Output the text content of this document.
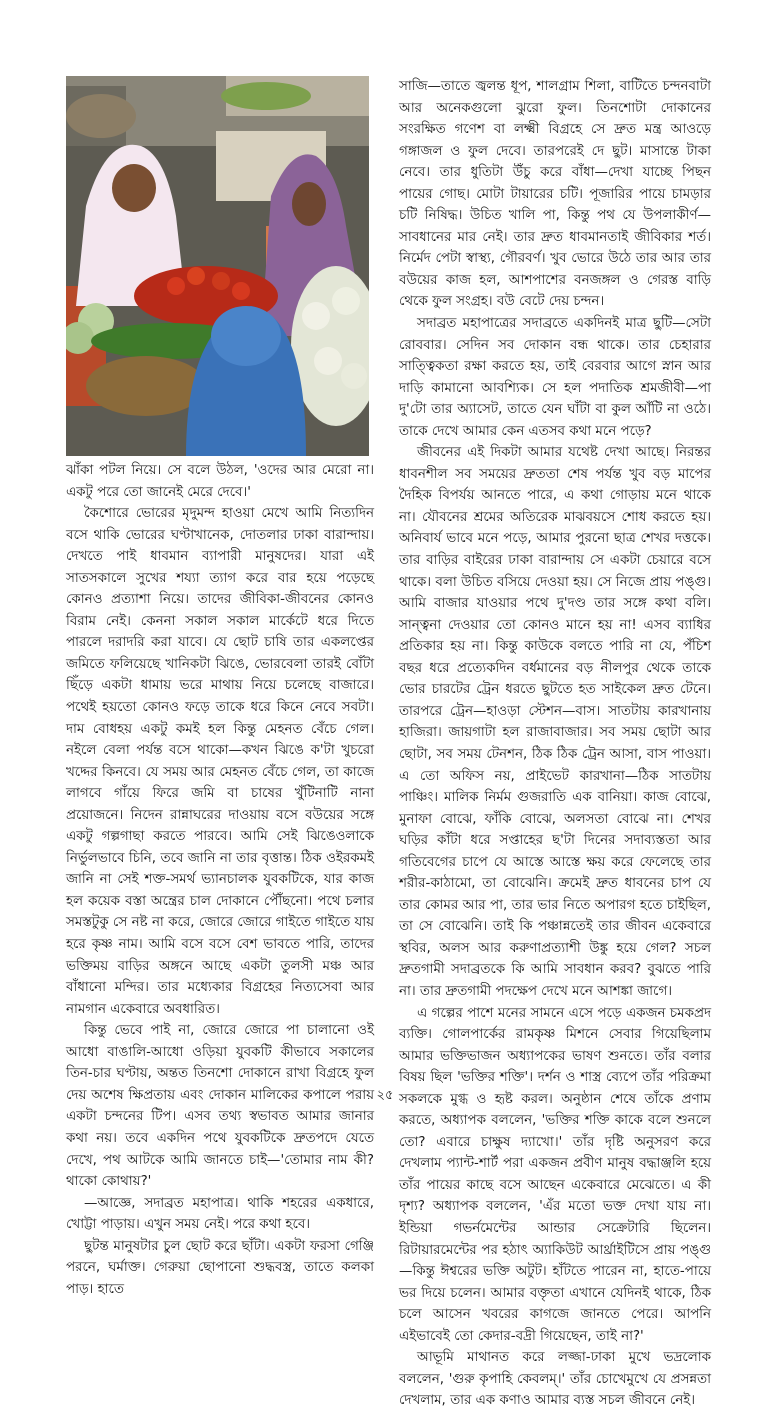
ঝাঁকা পটল নিয়ে। সে বলে উঠল, 'ওদের আর মেরো না। একটু পরে তো জানেই মেরে দেবে।'

কৈশোরে ভোরের মৃদুমন্দ হাওয়া মেখে আমি নিত্যদিন বসে থাকি ভোরের ঘণ্টাখানেক, দোতলার ঢাকা বারান্দায়। দেখতে পাই ধাবমান ব্যাপারী মানুষদের। যারা এই সাতসকালে সুখের শয্যা ত্যাগ করে বার হয়ে পড়েছে কোনও প্রত্যাশা নিয়ে। তাদের জীবিকা-জীবনের কোনও বিরাম নেই। কেননা সকাল সকাল মার্কেটে ধরে দিতে পারলে দরাদরি করা যাবে। যে ছোট চাষি তার একলপ্তের জমিতে ফলিয়েছে খানিকটা ঝিঙে, ভোরবেলা তারই বোঁটা ছিঁড়ে একটা ধামায় ভরে মাথায় নিয়ে চলেছে বাজারে। পথেই হয়তো কোনও ফড়ে তাকে ধরে কিনে নেবে সবটা। দাম বোধহয় একটু কমই হল কিন্তু মেহনত বেঁচে গেল। নইলে বেলা পর্যন্ত বসে থাকো—কখন ঝিঙে ক'টা খুচরো খদ্দের কিনবে। যে সময় আর মেহনত বেঁচে গেল, তা কাজে লাগবে গাঁয়ে ফিরে জমি বা চাষের খুঁটিনাটি নানা প্রয়োজনে। নিদেন রান্নাঘরের দাওয়ায় বসে বউয়ের সঙ্গে একটু গল্পগাছা করতে পারবে। আমি সেই ঝিঙেওলাকে নির্ভুলভাবে চিনি, তবে জানি না তার বৃত্তান্ত। ঠিক ওইরকমই জানি না সেই শক্ত-সমর্থ ভ্যানচালক যুবকটিকে, যার কাজ হল কয়েক বস্তা অন্ত্রের চাল দোকানে পৌঁছনো। পথে চলার সমস্তটুকু সে নষ্ট না করে, জোরে জোরে গাইতে গাইতে যায় হরে কৃষ্ণ নাম। আমি বসে বসে বেশ ভাবতে পারি, তাদের ভক্তিময় বাড়ির অঙ্গনে আছে একটা তুলসী মঞ্চ আর বাঁধানো মন্দির। তার মধ্যেকার বিগ্রহের নিত্যসেবা আর নামগান একেবারে অবধারিত।

কিন্তু ভেবে পাই না, জোরে জোরে পা চালানো ওই আধো বাঙালি-আধো ওড়িয়া যুবকটি কীভাবে সকালের তিন-চার ঘণ্টায়, অন্তত তিনশো দোকানে রাখা বিগ্রহে ফুল দেয় অশেষ ক্ষিপ্রতায় এবং দোকান মালিকের কপালে পরায় একটা চন্দনের টিপ। এসব তথ্য স্বভাবত আমার জানার কথা নয়। তবে একদিন পথে যুবকটিকে দ্রুতপদে যেতে দেখে, পথ আটকে আমি জানতে চাই—'তোমার নাম কী? থাকো কোথায়?'

—আজ্ঞে, সদাব্রত মহাপাত্র। থাকি শহরের একধারে, খোট্টা পাড়ায়। এখুন সময় নেই। পরে কথা হবে।

ছুটন্ত মানুষটার চুল ছোট করে ছাঁটা। একটা ফরসা গেঞ্জি পরনে, ঘর্মাক্ত। গেরুয়া ছোপানো শুদ্ধবস্ত্র, তাতে কলকা পাড়। হাতে

সাজি—তাতে জ্বলন্ত ধূপ, শালগ্রাম শিলা, বাটিতে চন্দনবাটা আর অনেকগুলো ঝুরো ফুল। তিনশোটা দোকানের সংরক্ষিত গণেশ বা লক্ষ্মী বিগ্রহে সে দ্রুত মন্ত্র আওড়ে গঙ্গাজল ও ফুল দেবে। তারপরেই দে ছুট। মাসান্তে টাকা নেবে। তার ধুতিটা উঁচু করে বাঁধা—দেখা যাচ্ছে পিছন পায়ের গোছ। মোটা টায়ারের চটি। পূজারির পায়ে চামড়ার চটি নিষিদ্ধ। উচিত খালি পা, কিন্তু পথ যে উপলাকীর্ণ—সাবধানের মার নেই। তার দ্রুত ধাবমানতাই জীবিকার শর্ত। নির্মেদ পেটা স্বাস্থ্য, গৌরবর্ণ। খুব ভোরে উঠে তার আর তার বউয়ের কাজ হল, আশপাশের বনজঙ্গল ও গেরস্ত বাড়ি থেকে ফুল সংগ্রহ। বউ বেটে দেয় চন্দন।

সদাব্রত মহাপাত্রের সদাব্রতে একদিনই মাত্র ছুটি—সেটা রোববার। সেদিন সব দোকান বন্ধ থাকে। তার চেহারার সাত্ত্বিকতা রক্ষা করতে হয়, তাই বেরবার আগে স্নান আর দাড়ি কামানো আবশ্যিক। সে হল পদাতিক শ্রমজীবী—পা দু'টো তার অ্যাসেট, তাতে যেন ঘাঁটা বা কুল আঁটি না ওঠে। তাকে দেখে আমার কেন এতসব কথা মনে পড়ে?

জীবনের এই দিকটা আমার যথেষ্ট দেখা আছে। নিরন্তর ধাবনশীল সব সময়ের দ্রুততা শেষ পর্যন্ত খুব বড় মাপের দৈহিক বিপর্যয় আনতে পারে, এ কথা গোড়ায় মনে থাকে না। যৌবনের শ্রমের অতিরেক মাঝবয়সে শোধ করতে হয়। অনিবার্য ভাবে মনে পড়ে, আমার পুরনো ছাত্র শেখর দত্তকে। তার বাড়ির বাইরের ঢাকা বারান্দায় সে একটা চেয়ারে বসে থাকে। বলা উচিত বসিয়ে দেওয়া হয়। সে নিজে প্রায় পঙ্গু। আমি বাজার যাওয়ার পথে দু'দণ্ড তার সঙ্গে কথা বলি। সান্ত্বনা দেওয়ার তো কোনও মানে হয় না! এসব ব্যাধির প্রতিকার হয় না। কিন্তু কাউকে বলতে পারি না যে, পঁচিশ বছর ধরে প্রত্যেকদিন বর্ধমানের বড় নীলপুর থেকে তাকে ভোর চারটের ট্রেন ধরতে ছুটতে হত সাইকেল দ্রুত টেনে। তারপরে ট্রেন—হাওড়া স্টেশন—বাস। সাতটায় কারখানায় হাজিরা। জায়গাটা হল রাজাবাজার। সব সময় ছোটা আর ছোটা, সব সময় টেনশন, ঠিক ঠিক ট্রেন আসা, বাস পাওয়া। এ তো অফিস নয়, প্রাইভেট কারখানা—ঠিক সাতটায় পাঞ্চিং। মালিক নির্মম গুজরাতি এক বানিয়া। কাজ বোঝে, মুনাফা বোঝে, ফাঁকি বোঝে, অলসতা বোঝে না। শেখর ঘড়ির কাঁটা ধরে সপ্তাহের ছ'টা দিনের সদাব্যস্ততা আর গতিবেগের চাপে যে আস্তে আস্তে ক্ষয় করে ফেলেছে তার শরীর-কাঠামো, তা বোঝেনি। ক্রমেই দ্রুত ধাবনের চাপ যে তার কোমর আর পা, তার ভার নিতে অপারগ হতে চাইছিল, তা সে বোঝেনি। তাই কি পঞ্চান্নতেই তার জীবন একেবারে স্থবির, অলস আর করুণাপ্রত্যাশী উঙ্কু হয়ে গেল? সচল দ্রুতগামী সদাব্রতকে কি আমি সাবধান করব? বুঝতে পারি না। তার দ্রুতগামী পদক্ষেপ দেখে মনে আশঙ্কা জাগে।

এ গল্পের পাশে মনের সামনে এসে পড়ে একজন চমকপ্রদ ব্যক্তি। গোলপার্কের রামকৃষ্ণ মিশনে সেবার গিয়েছিলাম আমার ভক্তিভাজন অধ্যাপকের ভাষণ শুনতে। তাঁর বলার বিষয় ছিল 'ভক্তির শক্তি'। দর্শন ও শাস্ত্র ব্যেপে তাঁর পরিক্রমা সকলকে মুগ্ধ ও হৃষ্ট করল। অনুষ্ঠান শেষে তাঁকে প্রণাম করতে, অধ্যাপক বললেন, 'ভক্তির শক্তি কাকে বলে শুনলে তো? এবারে চাক্ষুষ দ্যাখো।' তাঁর দৃষ্টি অনুসরণ করে দেখলাম প্যান্ট-শার্ট পরা একজন প্রবীণ মানুষ বদ্ধাঞ্জলি হয়ে তাঁর পায়ের কাছে বসে আছেন একেবারে মেঝেতে। এ কী দৃশ্য? অধ্যাপক বললেন, 'এঁর মতো ভক্ত দেখা যায় না। ইন্ডিয়া গভর্নমেন্টের আন্ডার সেক্রেটারি ছিলেন। রিটায়ারমেন্টের পর হঠাৎ অ্যাকিউট আর্থ্রাইটিসে প্রায় পঙ্গু—কিন্তু ঈশ্বরের ভক্তি অটুট। হাঁটতে পারেন না, হাতে-পায়ে ভর দিয়ে চলেন। আমার বক্তৃতা এখানে যেদিনই থাকে, ঠিক চলে আসেন খবরের কাগজে জানতে পেরে। আপনি এইভাবেই তো কেদার-বদ্রী গিয়েছেন, তাই না?'

আভূমি মাথানত করে লজ্জা-ঢাকা মুখে ভদ্রলোক বললেন, 'গুরু কৃপাহি কেবলম্।' তাঁর চোখেমুখে যে প্রসন্নতা দেখলাম, তার এক কণাও আমার ব্যস্ত সচল জীবনে নেই।

২৫
